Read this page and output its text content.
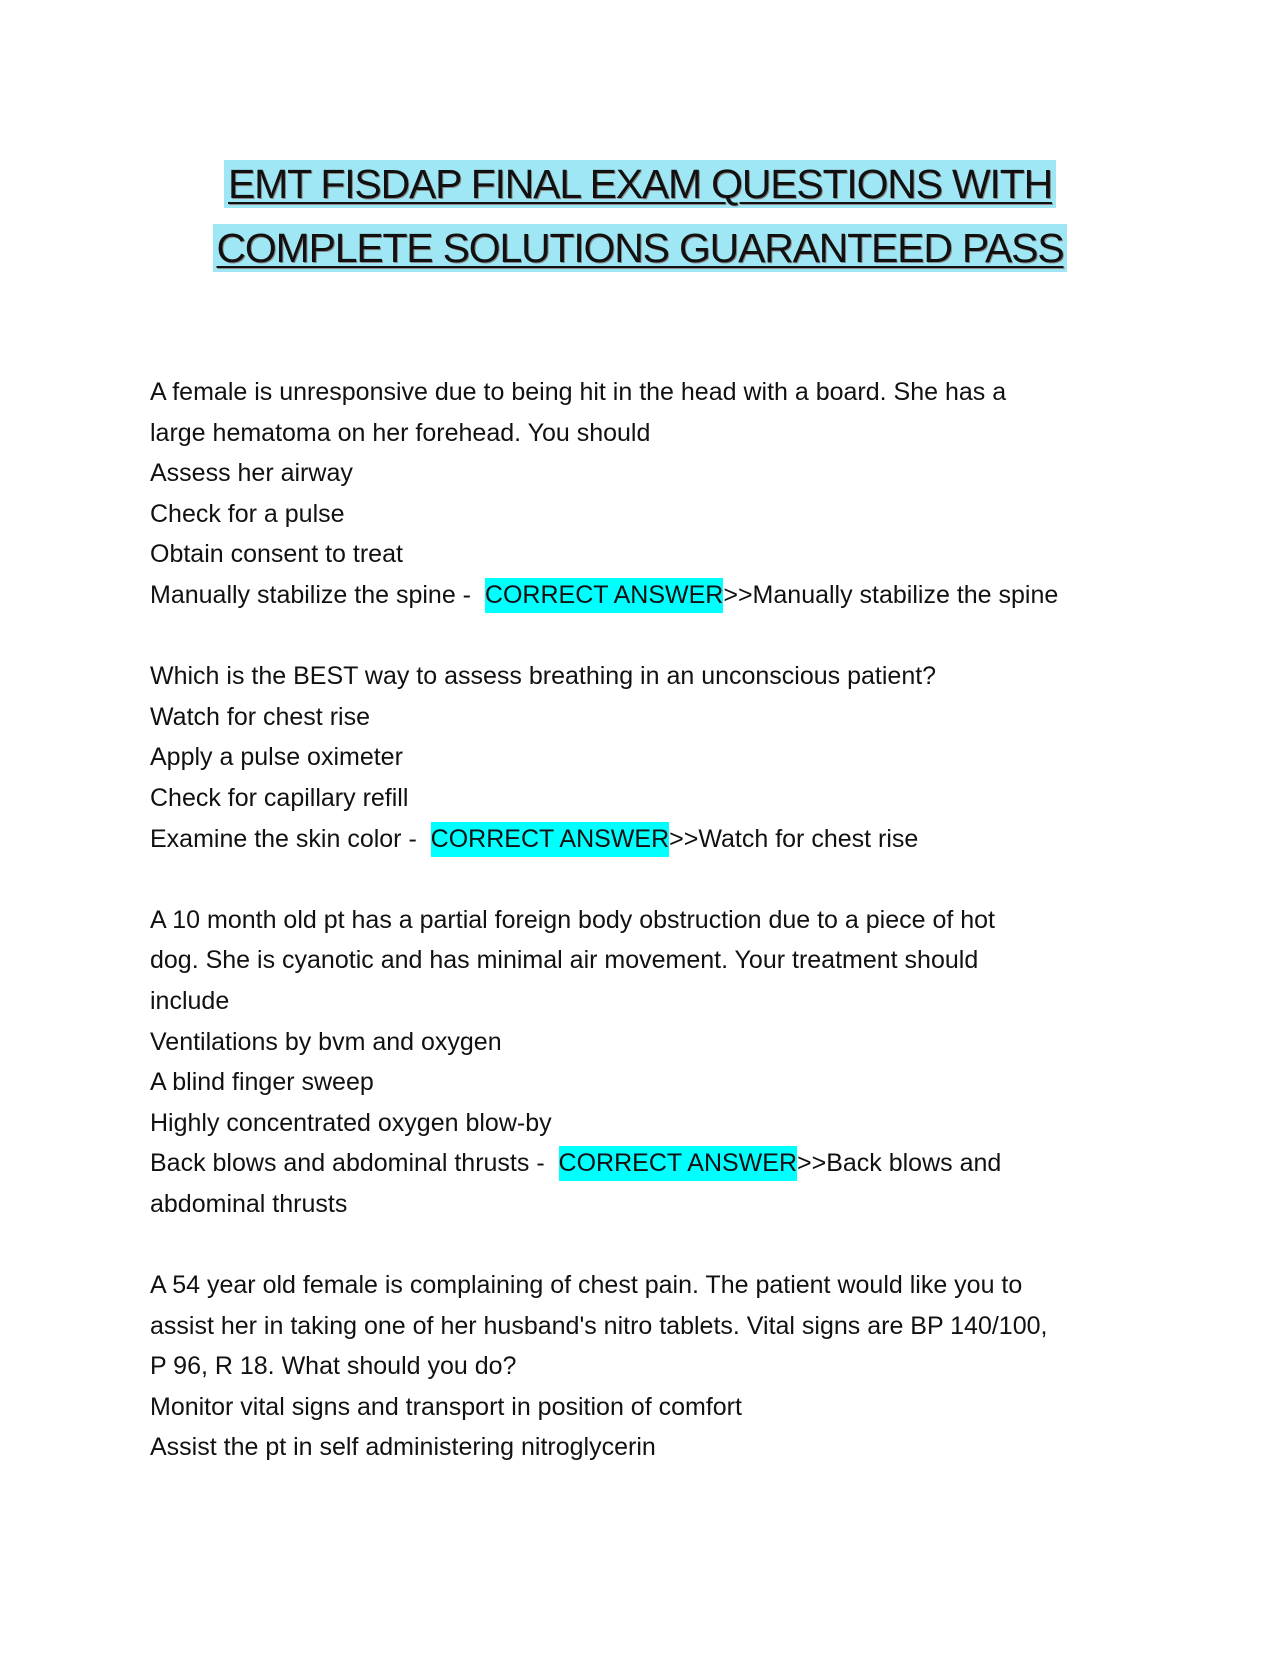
EMT FISDAP FINAL EXAM QUESTIONS WITH
COMPLETE SOLUTIONS GUARANTEED PASS
A female is unresponsive due to being hit in the head with a board. She has a
large hematoma on her forehead. You should
Assess her airway
Check for a pulse
Obtain consent to treat
Manually stabilize the spine -  CORRECT ANSWER>>Manually stabilize the spine
Which is the BEST way to assess breathing in an unconscious patient?
Watch for chest rise
Apply a pulse oximeter
Check for capillary refill
Examine the skin color -  CORRECT ANSWER>>Watch for chest rise
A 10 month old pt has a partial foreign body obstruction due to a piece of hot
dog. She is cyanotic and has minimal air movement. Your treatment should
include
Ventilations by bvm and oxygen
A blind finger sweep
Highly concentrated oxygen blow-by
Back blows and abdominal thrusts -  CORRECT ANSWER>>Back blows and
abdominal thrusts
A 54 year old female is complaining of chest pain. The patient would like you to
assist her in taking one of her husband's nitro tablets. Vital signs are BP 140/100,
P 96, R 18. What should you do?
Monitor vital signs and transport in position of comfort
Assist the pt in self administering nitroglycerin
